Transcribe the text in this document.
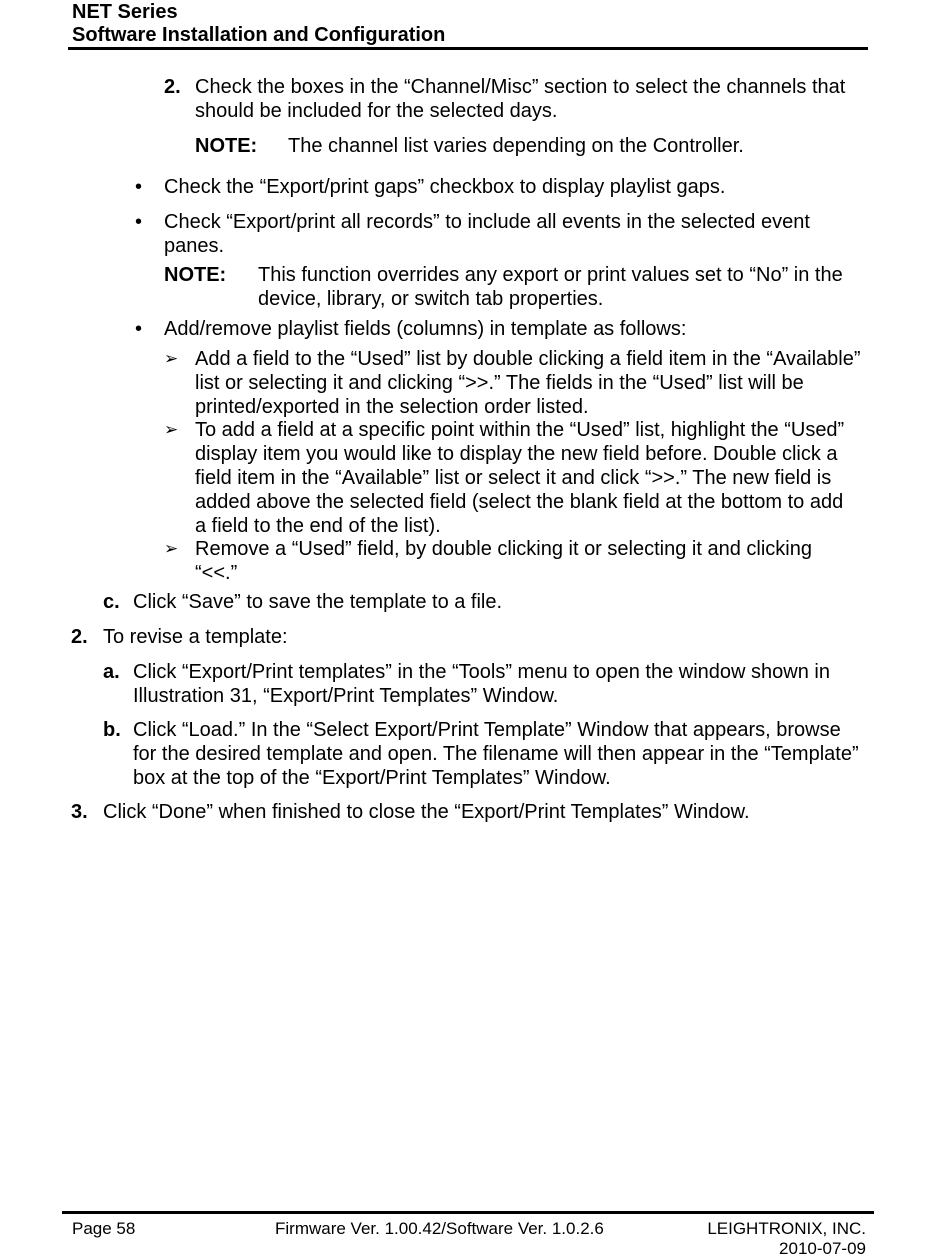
NET Series
Software Installation and Configuration
2. Check the boxes in the “Channel/Misc” section to select the channels that should be included for the selected days.
NOTE: The channel list varies depending on the Controller.
• Check the “Export/print gaps” checkbox to display playlist gaps.
• Check “Export/print all records” to include all events in the selected event panes.
NOTE: This function overrides any export or print values set to “No” in the device, library, or switch tab properties.
• Add/remove playlist fields (columns) in template as follows:
➢ Add a field to the “Used” list by double clicking a field item in the “Available” list or selecting it and clicking “>>.” The fields in the “Used” list will be printed/exported in the selection order listed.
➢ To add a field at a specific point within the “Used” list, highlight the “Used” display item you would like to display the new field before. Double click a field item in the “Available” list or select it and click “>>.” The new field is added above the selected field (select the blank field at the bottom to add a field to the end of the list).
➢ Remove a “Used” field, by double clicking it or selecting it and clicking “<<.”
c. Click “Save” to save the template to a file.
2. To revise a template:
a. Click “Export/Print templates” in the “Tools” menu to open the window shown in Illustration 31, “Export/Print Templates” Window.
b. Click “Load.” In the “Select Export/Print Template” Window that appears, browse for the desired template and open. The filename will then appear in the “Template” box at the top of the “Export/Print Templates” Window.
3. Click “Done” when finished to close the “Export/Print Templates” Window.
Page 58	Firmware Ver. 1.00.42/Software Ver. 1.0.2.6	LEIGHTRONIX, INC.
2010-07-09
